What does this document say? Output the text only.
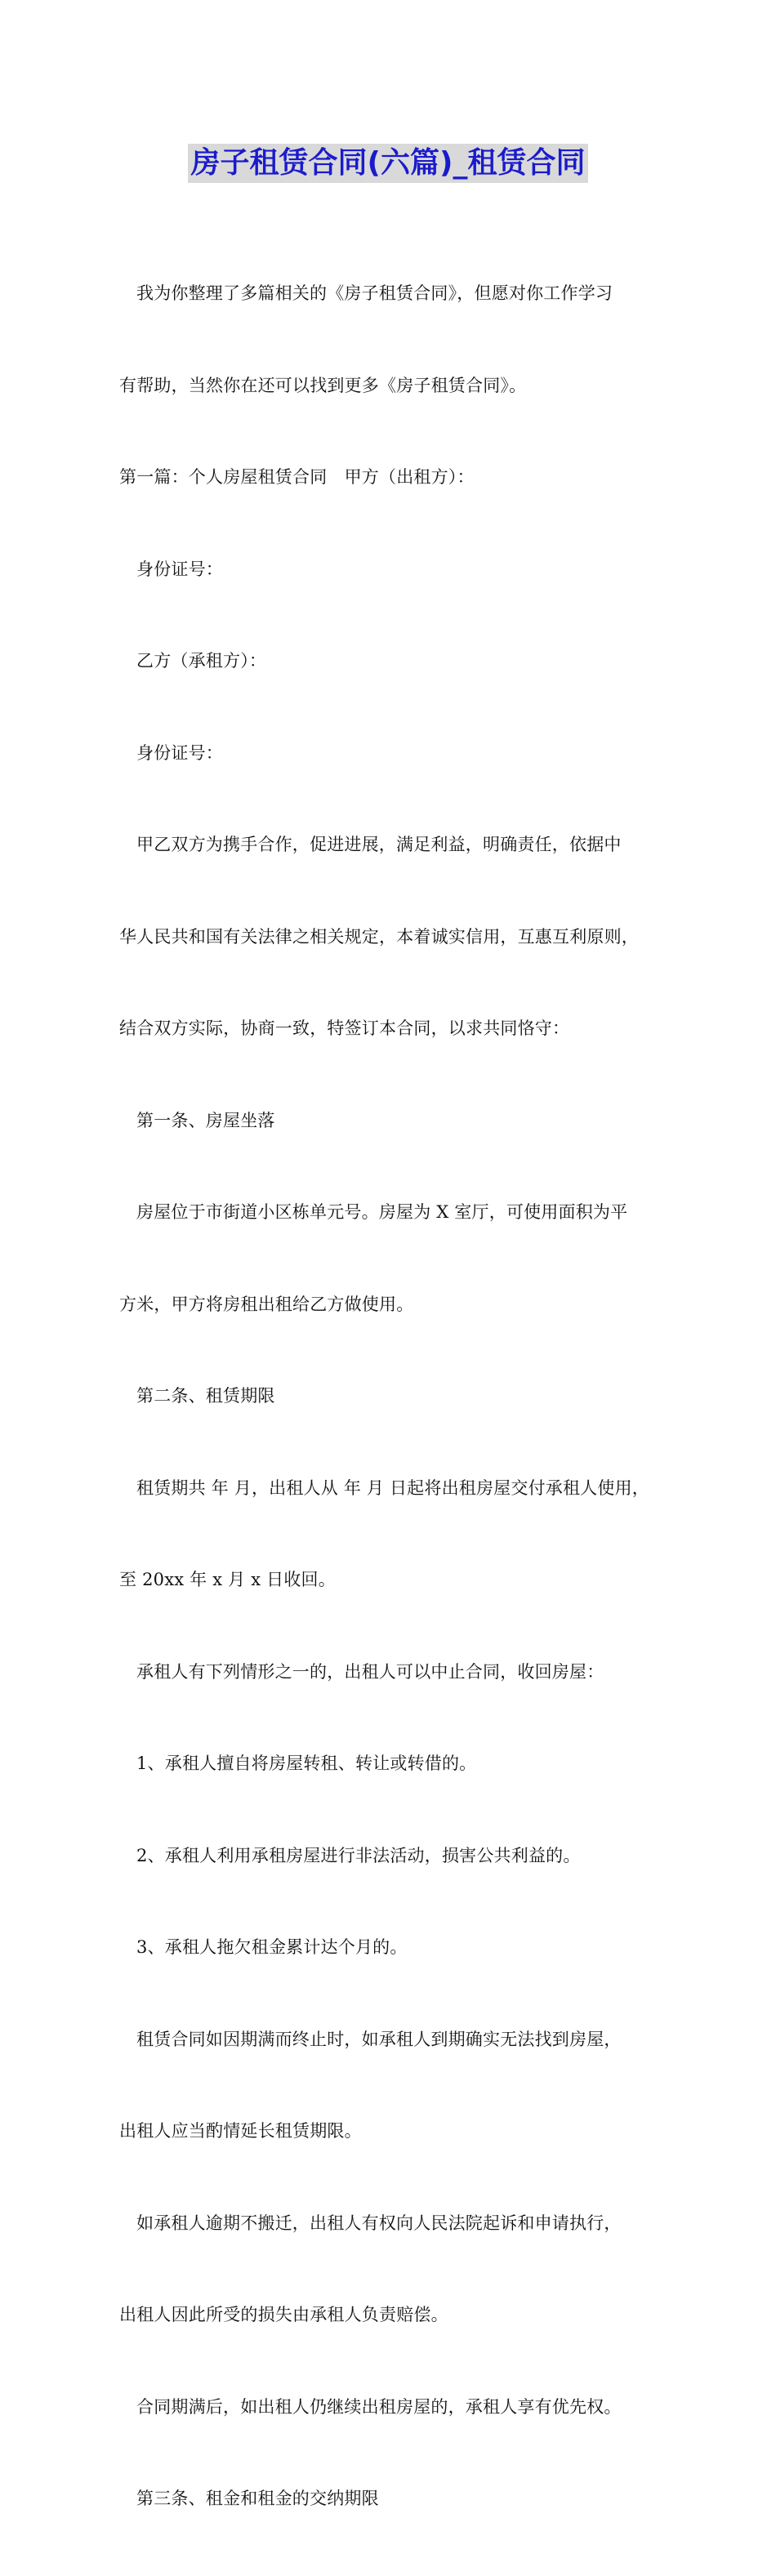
房子租赁合同(六篇)_租赁合同

我为你整理了多篇相关的《房子租赁合同》，但愿对你工作学习

有帮助，当然你在还可以找到更多《房子租赁合同》。

第一篇：个人房屋租赁合同　甲方（出租方）：

身份证号：

乙方（承租方）：

身份证号：

甲乙双方为携手合作，促进进展，满足利益，明确责任，依据中

华人民共和国有关法律之相关规定，本着诚实信用，互惠互利原则，

结合双方实际，协商一致，特签订本合同，以求共同恪守：

第一条、房屋坐落

房屋位于市街道小区栋单元号。房屋为 X 室厅，可使用面积为平

方米，甲方将房租出租给乙方做使用。

第二条、租赁期限

租赁期共 年 月，出租人从 年 月 日起将出租房屋交付承租人使用，

至 20xx 年 x 月 x 日收回。

承租人有下列情形之一的，出租人可以中止合同，收回房屋：

1、承租人擅自将房屋转租、转让或转借的。

2、承租人利用承租房屋进行非法活动，损害公共利益的。

3、承租人拖欠租金累计达个月的。

租赁合同如因期满而终止时，如承租人到期确实无法找到房屋，

出租人应当酌情延长租赁期限。

如承租人逾期不搬迁，出租人有权向人民法院起诉和申请执行，

出租人因此所受的损失由承租人负责赔偿。

合同期满后，如出租人仍继续出租房屋的，承租人享有优先权。

第三条、租金和租金的交纳期限
